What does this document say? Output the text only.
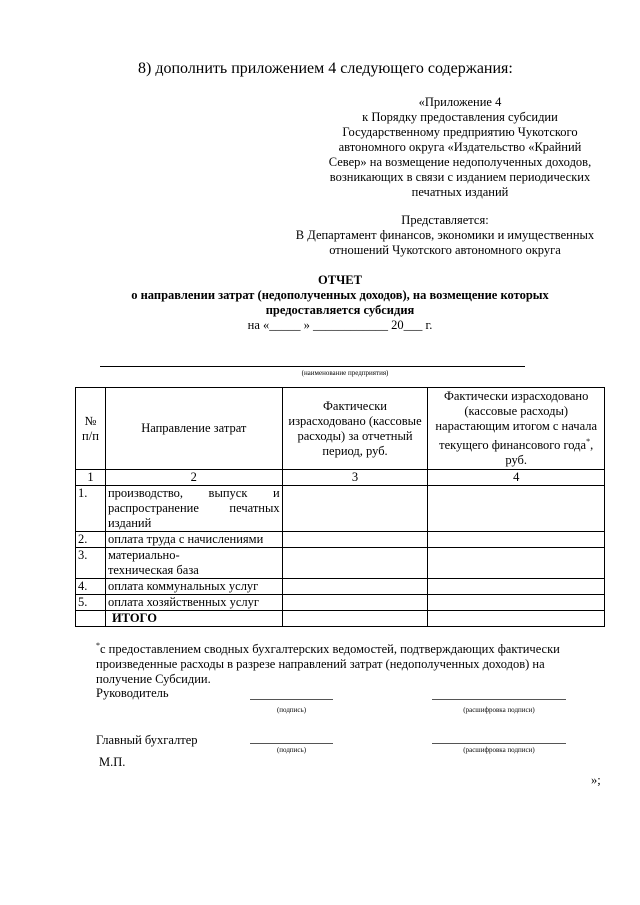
8) дополнить приложением 4 следующего содержания:
«Приложение 4
к Порядку предоставления субсидии
Государственному предприятию Чукотского
автономного округа «Издательство «Крайний
Север» на возмещение недополученных доходов,
возникающих в связи с изданием периодических
печатных изданий
Представляется:
В Департамент финансов, экономики и имущественных
отношений Чукотского автономного округа
ОТЧЕТ
о направлении затрат (недополученных доходов), на возмещение которых
предоставляется субсидия
на «_____ » ____________ 20___ г.
(наименование предприятия)
№ п/п	Направление затрат	Фактически израсходовано (кассовые расходы) за отчетный период, руб.	Фактически израсходовано (кассовые расходы) нарастающим итогом с начала текущего финансового года*, руб.
1	2	3	4
1.	производство, выпуск и распространение печатных изданий		
2.	оплата труда с начислениями		
3.	материально-техническая база		
4.	оплата коммунальных услуг		
5.	оплата хозяйственных услуг		
	ИТОГО		
*с предоставлением сводных бухгалтерских ведомостей, подтверждающих фактически
произведенные расходы в разрезе направлений затрат (недополученных доходов) на
получение Субсидии.
Руководитель
(подпись)	(расшифровка подписи)
Главный бухгалтер
(подпись)	(расшифровка подписи)
М.П.
»;
